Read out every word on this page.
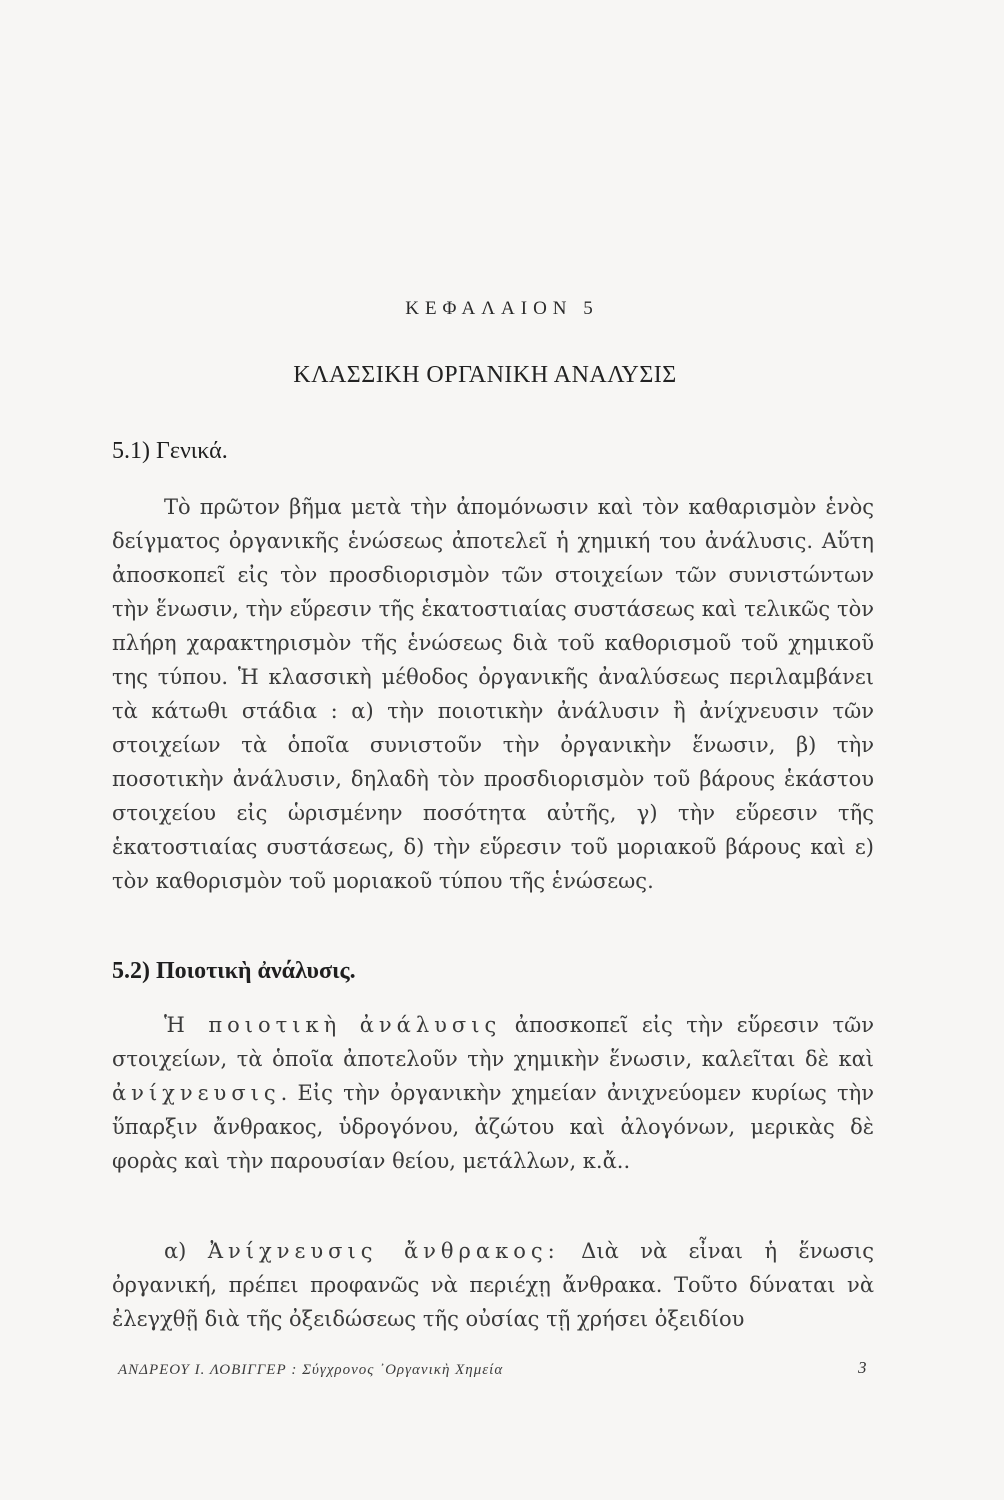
ΚΕΦΑΛΑΙΟΝ 5
ΚΛΑΣΣΙΚΗ ΟΡΓΑΝΙΚΗ ΑΝΑΛΥΣΙΣ
5.1) Γενικά.

Τὸ πρῶτον βῆμα μετὰ τὴν ἀπομόνωσιν καὶ τὸν καθαρισμὸν ἑνὸς δείγματος ὀργανικῆς ἑνώσεως ἀποτελεῖ ἡ χημική του ἀνάλυσις. Αὕτη ἀποσκοπεῖ εἰς τὸν προσδιορισμὸν τῶν στοιχείων τῶν συνιστώντων τὴν ἕνωσιν, τὴν εὕρεσιν τῆς ἑκατοστιαίας συστάσεως καὶ τελικῶς τὸν πλήρη χαρακτηρισμὸν τῆς ἑνώσεως διὰ τοῦ καθορισμοῦ τοῦ χημικοῦ της τύπου. Ἡ κλασσικὴ μέθοδος ὀργανικῆς ἀναλύσεως περιλαμβάνει τὰ κάτωθι στάδια : α) τὴν ποιοτικὴν ἀνάλυσιν ἢ ἀνίχνευσιν τῶν στοιχείων τὰ ὁποῖα συνιστοῦν τὴν ὀργανικὴν ἕνωσιν, β) τὴν ποσοτικὴν ἀνάλυσιν, δηλαδὴ τὸν προσδιορισμὸν τοῦ βάρους ἑκάστου στοιχείου εἰς ὡρισμένην ποσότητα αὐτῆς, γ) τὴν εὕρεσιν τῆς ἑκατοστιαίας συστάσεως, δ) τὴν εὕρεσιν τοῦ μοριακοῦ βάρους καὶ ε) τὸν καθορισμὸν τοῦ μοριακοῦ τύπου τῆς ἑνώσεως.

5.2) Ποιοτικὴ ἀνάλυσις.

Ἡ ποιοτικὴ ἀνάλυσις ἀποσκοπεῖ εἰς τὴν εὕρεσιν τῶν στοιχείων, τὰ ὁποῖα ἀποτελοῦν τὴν χημικὴν ἕνωσιν, καλεῖται δὲ καὶ ἀνίχνευσις. Εἰς τὴν ὀργανικὴν χημείαν ἀνιχνεύομεν κυρίως τὴν ὕπαρξιν ἄνθρακος, ὑδρογόνου, ἀζώτου καὶ ἀλογόνων, μερικὰς δὲ φορὰς καὶ τὴν παρουσίαν θείου, μετάλλων, κ.ἄ..

α) Ἀνίχνευσις ἄνθρακος: Διὰ νὰ εἶναι ἡ ἕνωσις ὀργανική, πρέπει προφανῶς νὰ περιέχῃ ἄνθρακα. Τοῦτο δύναται νὰ ἐλεγχθῇ διὰ τῆς ὀξειδώσεως τῆς οὐσίας τῇ χρήσει ὀξειδίου

ΑΝΔΡΕΟΥ Ι. ΛΟΒΙΓΓΕΡ : Σύγχρονος ᾿Οργανικὴ Χημεία	3
